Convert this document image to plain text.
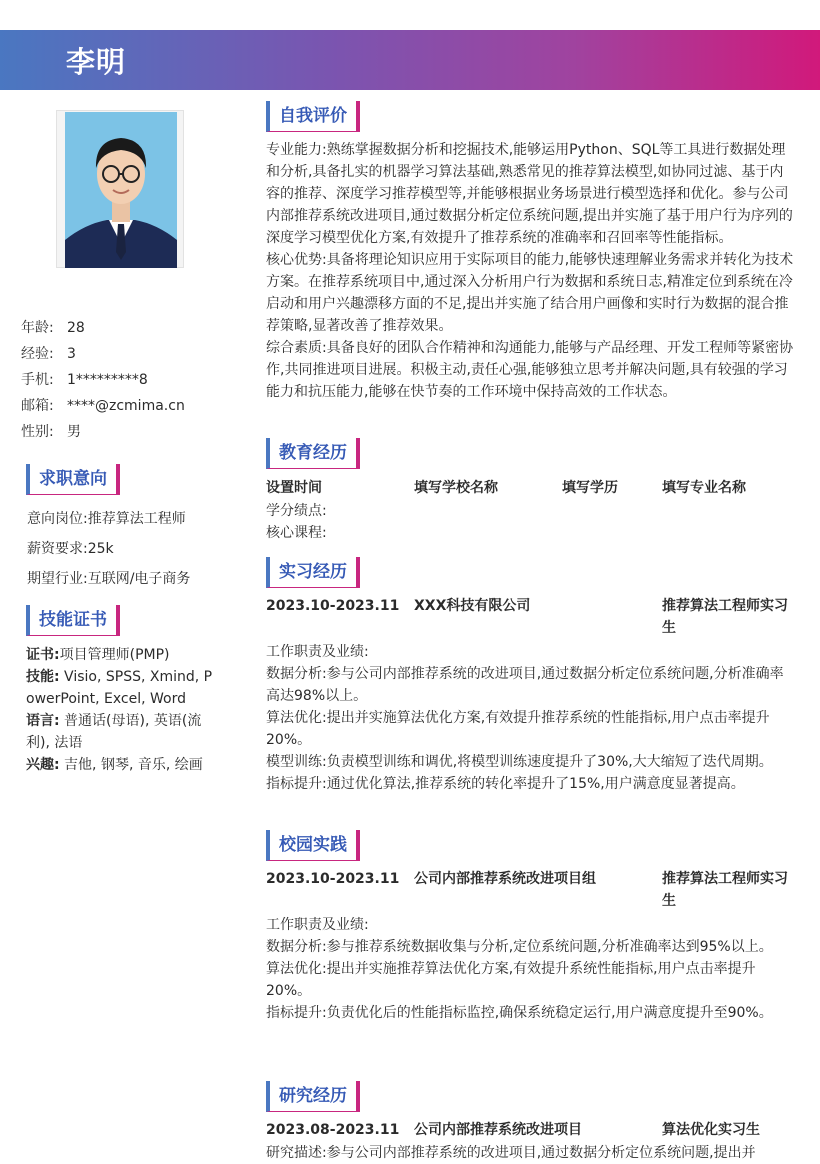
李明
年龄: 28
经验: 3
手机: 1*********8
邮箱: ****@zcmima.cn
性别: 男
求职意向
意向岗位:推荐算法工程师
薪资要求:25k
期望行业:互联网/电子商务
技能证书

证书:项目管理师(PMP)

技能: Visio, SPSS, Xmind, PowerPoint, Excel, Word

语言: 普通话(母语), 英语(流利), 法语

兴趣: 吉他, 钢琴, 音乐, 绘画

自我评价

专业能力:熟练掌握数据分析和挖掘技术,能够运用Python、SQL等工具进行数据处理和分析,具备扎实的机器学习算法基础,熟悉常见的推荐算法模型,如协同过滤、基于内容的推荐、深度学习推荐模型等,并能够根据业务场景进行模型选择和优化。参与公司内部推荐系统改进项目,通过数据分析定位系统问题,提出并实施了基于用户行为序列的深度学习模型优化方案,有效提升了推荐系统的准确率和召回率等性能指标。

核心优势:具备将理论知识应用于实际项目的能力,能够快速理解业务需求并转化为技术方案。在推荐系统项目中,通过深入分析用户行为数据和系统日志,精准定位到系统在冷启动和用户兴趣漂移方面的不足,提出并实施了结合用户画像和实时行为数据的混合推荐策略,显著改善了推荐效果。

综合素质:具备良好的团队合作精神和沟通能力,能够与产品经理、开发工程师等紧密协作,共同推进项目进展。积极主动,责任心强,能够独立思考并解决问题,具有较强的学习能力和抗压能力,能够在快节奏的工作环境中保持高效的工作状态。

教育经历
设置时间	填写学校名称	填写学历	填写专业名称

学分绩点:

核心课程:

实习经历
2023.10-2023.11 XXX科技有限公司	推荐算法工程师实习生

工作职责及业绩:

数据分析:参与公司内部推荐系统的改进项目,通过数据分析定位系统问题,分析准确率高达98%以上。

算法优化:提出并实施算法优化方案,有效提升推荐系统的性能指标,用户点击率提升20%。

模型训练:负责模型训练和调优,将模型训练速度提升了30%,大大缩短了迭代周期。

指标提升:通过优化算法,推荐系统的转化率提升了15%,用户满意度显著提高。

校园实践
2023.10-2023.11 公司内部推荐系统改进项目组	推荐算法工程师实习生

工作职责及业绩:

数据分析:参与推荐系统数据收集与分析,定位系统问题,分析准确率达到95%以上。

算法优化:提出并实施推荐算法优化方案,有效提升系统性能指标,用户点击率提升20%。

指标提升:负责优化后的性能指标监控,确保系统稳定运行,用户满意度提升至90%。

研究经历
2023.08-2023.11 公司内部推荐系统改进项目	算法优化实习生

研究描述:参与公司内部推荐系统的改进项目,通过数据分析定位系统问题,提出并
